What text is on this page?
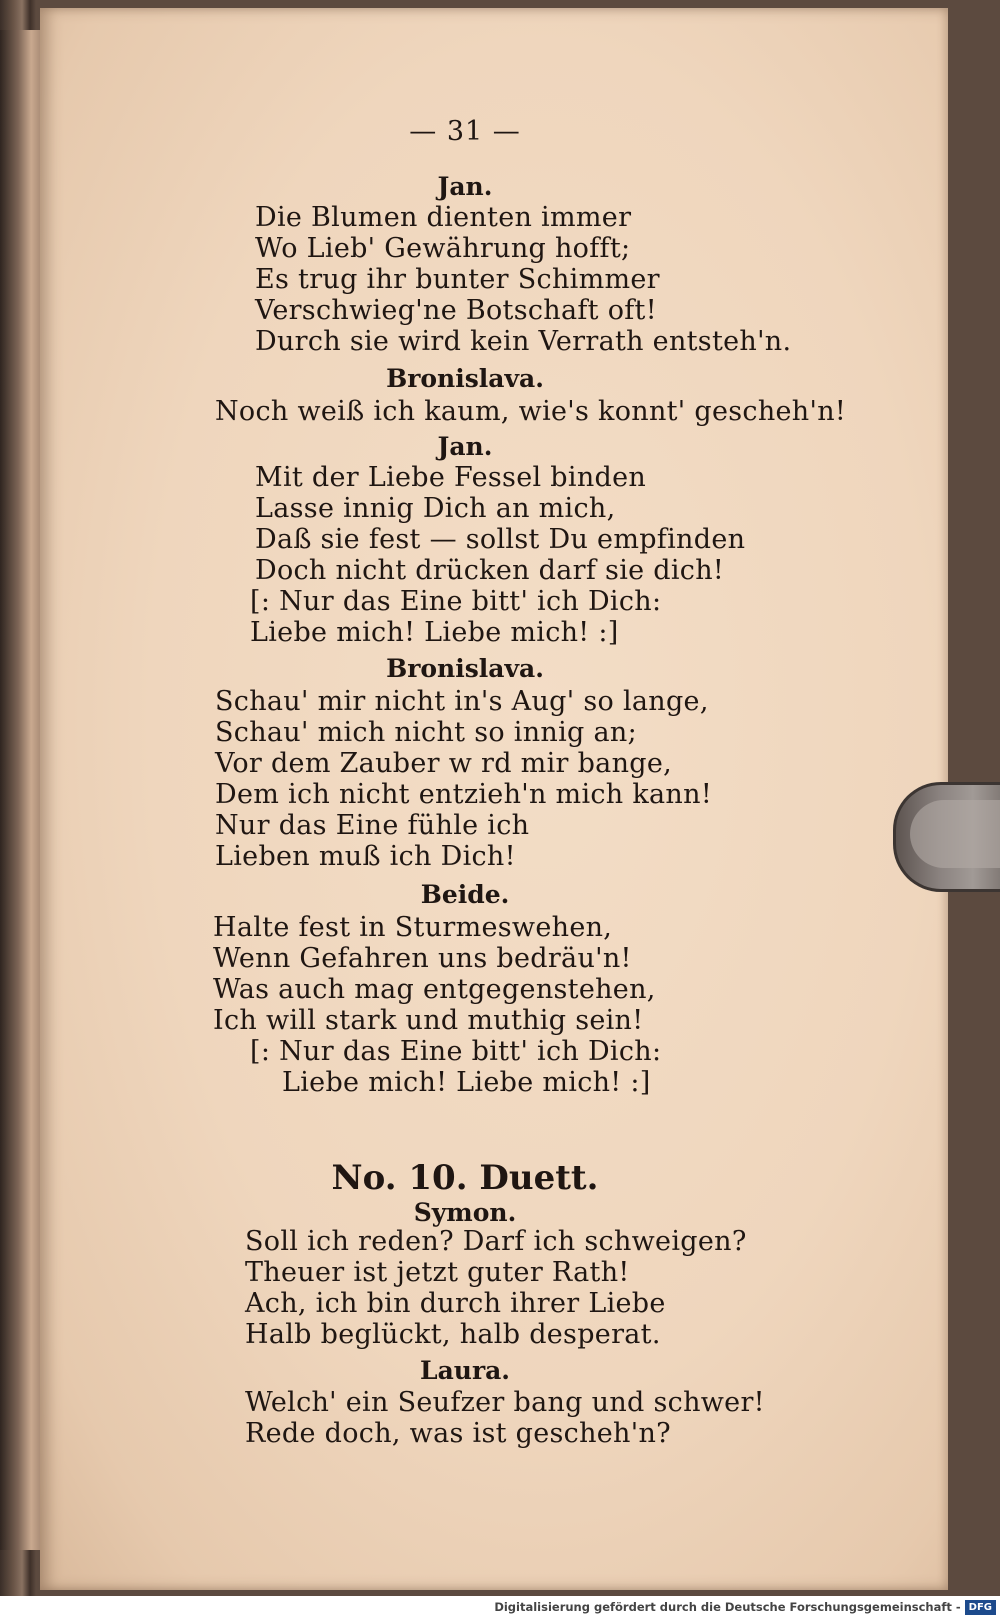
— 31 —
Jan.
Die Blumen dienten immer
Wo Lieb' Gewährung hofft;
Es trug ihr bunter Schimmer
Verschwieg'ne Botschaft oft!
Durch sie wird kein Verrath entsteh'n.
Bronislava.
Noch weiß ich kaum, wie's konnt' gescheh'n!
Jan.
Mit der Liebe Fessel binden
Lasse innig Dich an mich,
Daß sie fest — sollst Du empfinden
Doch nicht drücken darf sie dich!
[: Nur das Eine bitt' ich Dich:
Liebe mich! Liebe mich! :]
Bronislava.
Schau' mir nicht in's Aug' so lange,
Schau' mich nicht so innig an;
Vor dem Zauber w rd mir bange,
Dem ich nicht entzieh'n mich kann!
Nur das Eine fühle ich
Lieben muß ich Dich!
Beide.
Halte fest in Sturmeswehen,
Wenn Gefahren uns bedräu'n!
Was auch mag entgegenstehen,
Ich will stark und muthig sein!
[: Nur das Eine bitt' ich Dich:
Liebe mich! Liebe mich! :]
No. 10. Duett.
Symon.
Soll ich reden? Darf ich schweigen?
Theuer ist jetzt guter Rath!
Ach, ich bin durch ihrer Liebe
Halb beglückt, halb desperat.
Laura.
Welch' ein Seufzer bang und schwer!
Rede doch, was ist gescheh'n?
Digitalisierung gefördert durch die Deutsche Forschungsgemeinschaft - DFG
